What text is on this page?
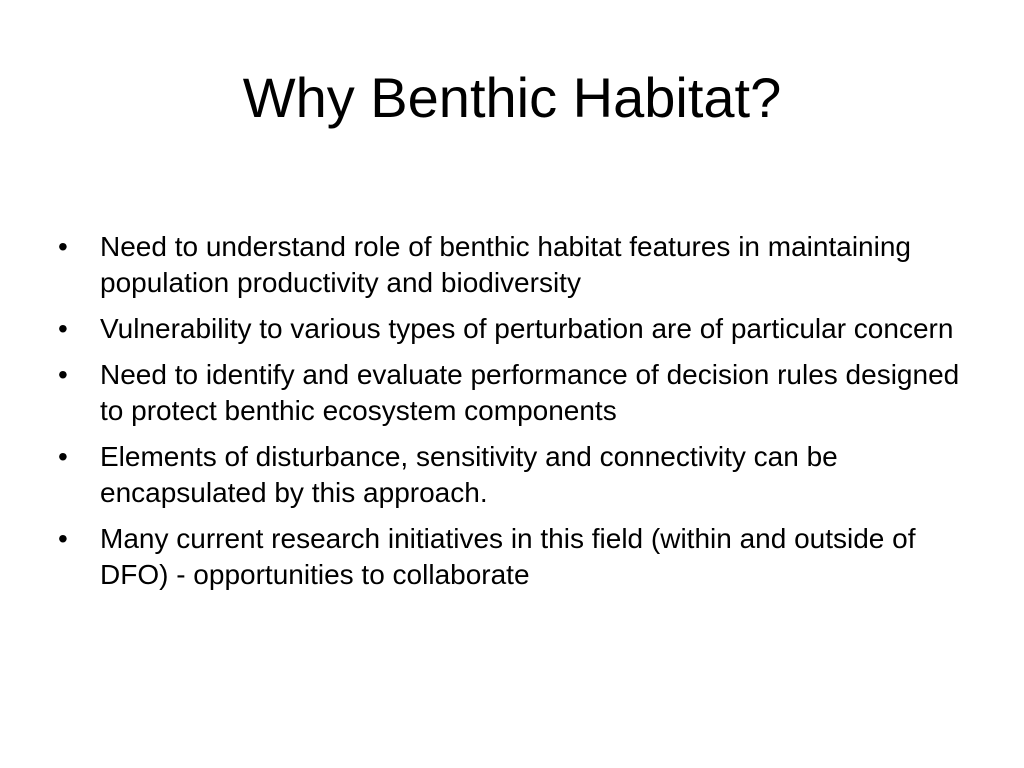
Why Benthic Habitat?
•	Need to understand role of benthic habitat features in maintaining population productivity and biodiversity
•	Vulnerability to various types of perturbation are of particular concern
•	Need to identify and evaluate performance of decision rules designed to protect benthic ecosystem components
•	Elements of disturbance, sensitivity and connectivity can be encapsulated by this approach.
•	Many current research initiatives in this field (within and outside of DFO) - opportunities to collaborate
